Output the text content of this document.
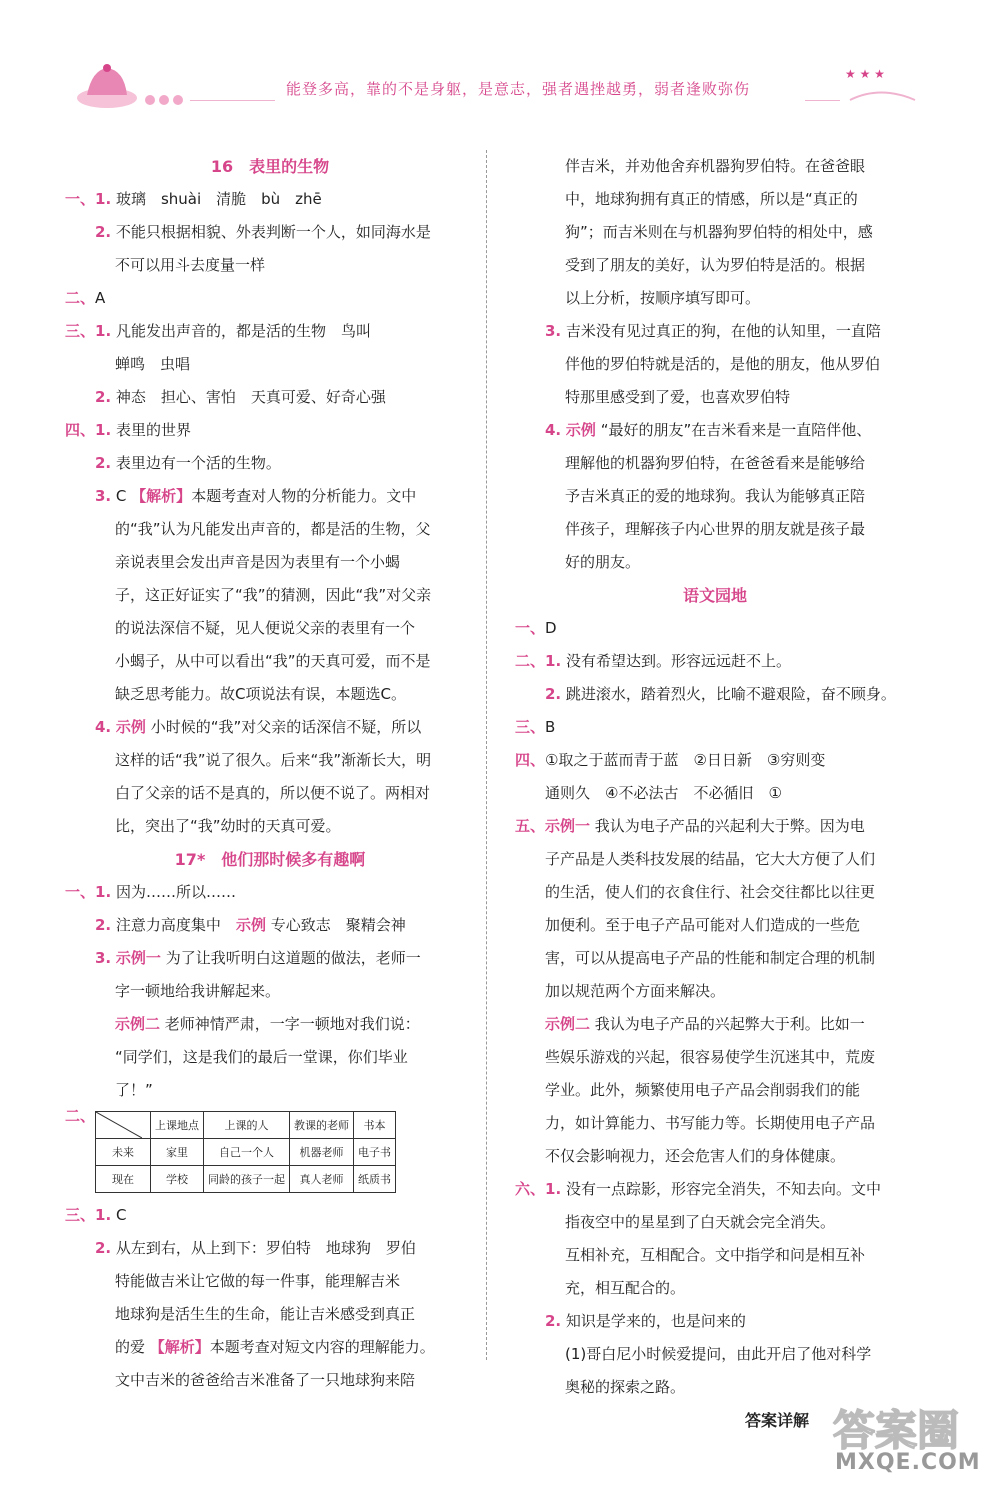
能登多高，靠的不是身躯，是意志，强者遇挫越勇，弱者逢败弥伤
★ ★ ★
16　表里的生物
一、1. 玻璃　shuài　清脆　bù　zhē
2. 不能只根据相貌、外表判断一个人，如同海水是
不可以用斗去度量一样
二、A
三、1. 凡能发出声音的，都是活的生物　鸟叫
蝉鸣　虫唱
2. 神态　担心、害怕　天真可爱、好奇心强
四、1. 表里的世界
2. 表里边有一个活的生物。
3. C 【解析】本题考查对人物的分析能力。文中
的“我”认为凡能发出声音的，都是活的生物，父
亲说表里会发出声音是因为表里有一个小蝎
子，这正好证实了“我”的猜测，因此“我”对父亲
的说法深信不疑，见人便说父亲的表里有一个
小蝎子，从中可以看出“我”的天真可爱，而不是
缺乏思考能力。故C项说法有误，本题选C。
4. 示例 小时候的“我”对父亲的话深信不疑，所以
这样的话“我”说了很久。后来“我”渐渐长大，明
白了父亲的话不是真的，所以便不说了。两相对
比，突出了“我”幼时的天真可爱。
17*　他们那时候多有趣啊
一、1. 因为……所以……
2. 注意力高度集中　示例 专心致志　聚精会神
3. 示例一 为了让我听明白这道题的做法，老师一
字一顿地给我讲解起来。
示例二 老师神情严肃，一字一顿地对我们说：
“同学们，这是我们的最后一堂课，你们毕业
了！”
二、
	上课地点	上课的人	教课的老师	书本
未来	家里	自己一个人	机器老师	电子书
现在	学校	同龄的孩子一起	真人老师	纸质书
三、1. C
2. 从左到右，从上到下：罗伯特　地球狗　罗伯
特能做吉米让它做的每一件事，能理解吉米
地球狗是活生生的生命，能让吉米感受到真正
的爱 【解析】本题考查对短文内容的理解能力。
文中吉米的爸爸给吉米准备了一只地球狗来陪
伴吉米，并劝他舍弃机器狗罗伯特。在爸爸眼
中，地球狗拥有真正的情感，所以是“真正的
狗”；而吉米则在与机器狗罗伯特的相处中，感
受到了朋友的美好，认为罗伯特是活的。根据
以上分析，按顺序填写即可。
3. 吉米没有见过真正的狗，在他的认知里，一直陪
伴他的罗伯特就是活的，是他的朋友，他从罗伯
特那里感受到了爱，也喜欢罗伯特
4. 示例 “最好的朋友”在吉米看来是一直陪伴他、
理解他的机器狗罗伯特，在爸爸看来是能够给
予吉米真正的爱的地球狗。我认为能够真正陪
伴孩子，理解孩子内心世界的朋友就是孩子最
好的朋友。
语文园地
一、D
二、1. 没有希望达到。形容远远赶不上。
2. 跳进滚水，踏着烈火，比喻不避艰险，奋不顾身。
三、B
四、①取之于蓝而青于蓝　②日日新　③穷则变
通则久　④不必法古　不必循旧　①
五、示例一 我认为电子产品的兴起利大于弊。因为电
子产品是人类科技发展的结晶，它大大方便了人们
的生活，使人们的衣食住行、社会交往都比以往更
加便利。至于电子产品可能对人们造成的一些危
害，可以从提高电子产品的性能和制定合理的机制
加以规范两个方面来解决。
示例二 我认为电子产品的兴起弊大于利。比如一
些娱乐游戏的兴起，很容易使学生沉迷其中，荒废
学业。此外，频繁使用电子产品会削弱我们的能
力，如计算能力、书写能力等。长期使用电子产品
不仅会影响视力，还会危害人们的身体健康。
六、1. 没有一点踪影，形容完全消失，不知去向。文中
指夜空中的星星到了白天就会完全消失。
互相补充，互相配合。文中指学和问是相互补
充，相互配合的。
2. 知识是学来的，也是问来的
(1)哥白尼小时候爱提问，由此开启了他对科学
奥秘的探索之路。
答案详解 答案圈
MXQE.COM
